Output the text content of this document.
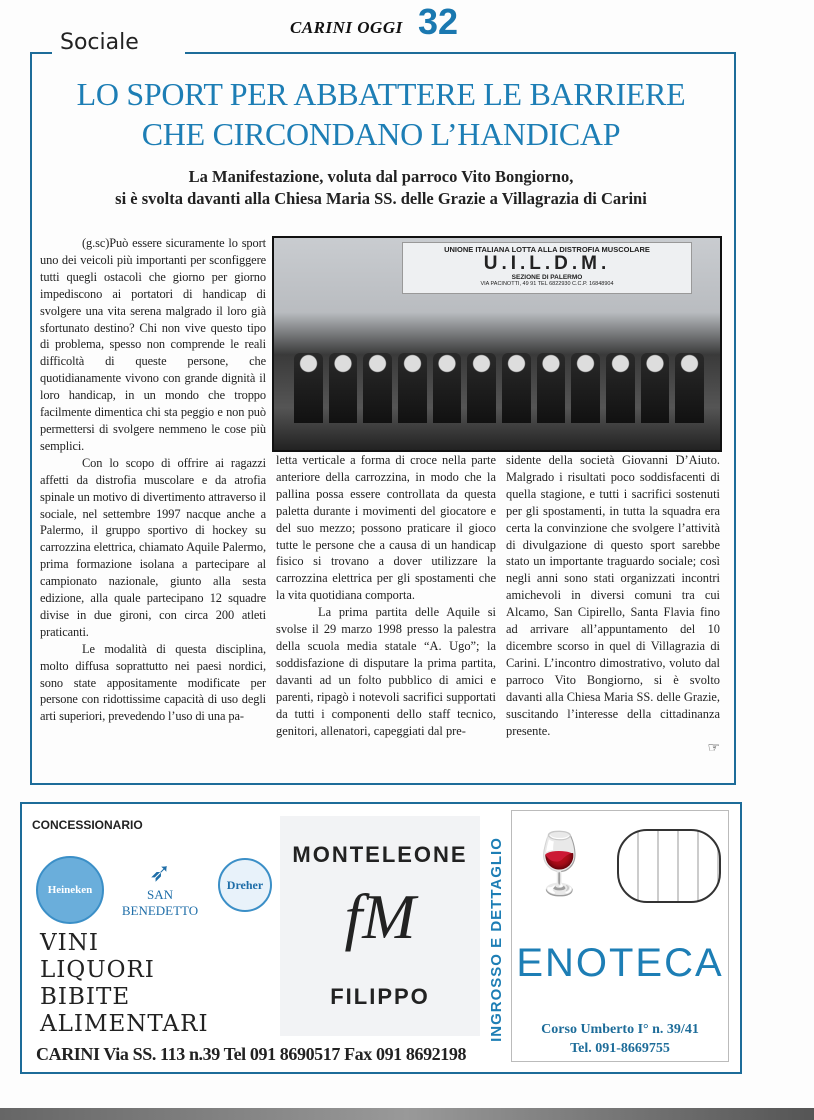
CARINI OGGI 32
Sociale
LO SPORT PER ABBATTERE LE BARRIERE
CHE CIRCONDANO L’HANDICAP
La Manifestazione, voluta dal parroco Vito Bongiorno,
si è svolta davanti alla Chiesa Maria SS. delle Grazie a Villagrazia di Carini

(g.sc)Può essere sicuramente lo sport uno dei veicoli più importanti per sconfiggere tutti quegli ostacoli che giorno per giorno impediscono ai portatori di handicap di svolgere una vita serena malgrado il loro già sfortunato destino? Chi non vive questo tipo di problema, spesso non comprende le reali difficoltà di queste persone, che quotidianamente vivono con grande dignità il loro handicap, in un mondo che troppo facilmente dimentica chi sta peggio e non può permettersi di svolgere nemmeno le cose più semplici.

Con lo scopo di offrire ai ragazzi affetti da distrofia muscolare e da atrofia spinale un motivo di divertimento attraverso il sociale, nel settembre 1997 nacque anche a Palermo, il gruppo sportivo di hockey su carrozzina elettrica, chiamato Aquile Palermo, prima formazione isolana a partecipare al campionato nazionale, giunto alla sesta edizione, alla quale partecipano 12 squadre divise in due gironi, con circa 200 atleti praticanti.

Le modalità di questa disciplina, molto diffusa soprattutto nei paesi nordici, sono state appositamente modificate per persone con ridottissime capacità di uso degli arti superiori, prevedendo l’uso di una pa-

UNIONE ITALIANA LOTTA ALLA DISTROFIA MUSCOLARE
U.I.L.D.M.
SEZIONE DI PALERMO
VIA PACINOTTI, 49 91 TEL 6822930 C.C.P. 16848904

letta verticale a forma di croce nella parte anteriore della carrozzina, in modo che la pallina possa essere controllata da questa paletta durante i movimenti del giocatore e del suo mezzo; possono praticare il gioco tutte le persone che a causa di un handicap fisico si trovano a dover utilizzare la carrozzina elettrica per gli spostamenti che la vita quotidiana comporta.

La prima partita delle Aquile si svolse il 29 marzo 1998 presso la palestra della scuola media statale “A. Ugo”; la soddisfazione di disputare la prima partita, davanti ad un folto pubblico di amici e parenti, ripagò i notevoli sacrifici supportati da tutti i componenti dello staff tecnico, genitori, allenatori, capeggiati dal pre-

sidente della società Giovanni D’Aiuto. Malgrado i risultati poco soddisfacenti di quella stagione, e tutti i sacrifici sostenuti per gli spostamenti, in tutta la squadra era certa la convinzione che svolgere l’attività di divulgazione di questo sport sarebbe stato un importante traguardo sociale; così negli anni sono stati organizzati incontri amichevoli in diversi comuni tra cui Alcamo, San Cipirello, Santa Flavia fino ad arrivare all’appuntamento del 10 dicembre scorso in quel di Villagrazia di Carini. L’incontro dimostrativo, voluto dal parroco Vito Bongiorno, si è svolto davanti alla Chiesa Maria SS. delle Grazie, suscitando l’interesse della cittadinanza presente.

☞
CONCESSIONARIO
Heineken
➶
SAN BENEDETTO
Dreher
VINI
LIQUORI
BIBITE
ALIMENTARI
CARINI Via SS. 113 n.39 Tel 091 8690517 Fax 091 8692198
MONTELEONE
fM
FILIPPO	INGROSSO E DETTAGLIO 🍷
ENOTECA
Corso Umberto I° n. 39/41
Tel. 091-8669755
